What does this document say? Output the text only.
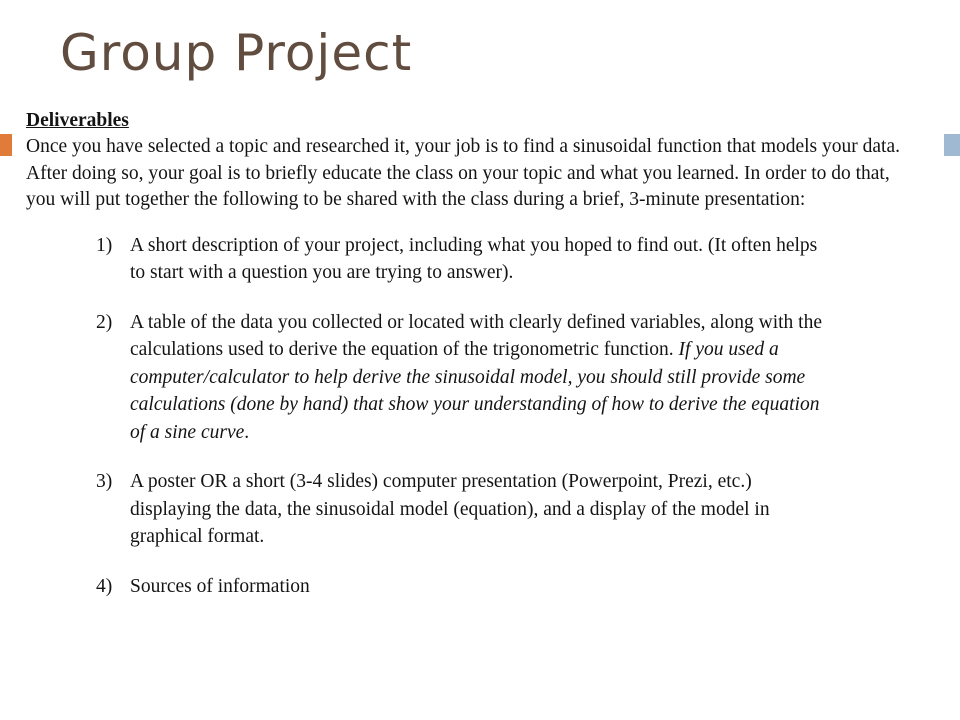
Group Project

Deliverables

Once you have selected a topic and researched it, your job is to find a sinusoidal function that models your data. After doing so, your goal is to briefly educate the class on your topic and what you learned. In order to do that, you will put together the following to be shared with the class during a brief, 3-minute presentation:

1) A short description of your project, including what you hoped to find out. (It often helps to start with a question you are trying to answer).
2) A table of the data you collected or located with clearly defined variables, along with the calculations used to derive the equation of the trigonometric function. If you used a computer/calculator to help derive the sinusoidal model, you should still provide some calculations (done by hand) that show your understanding of how to derive the equation of a sine curve.
3) A poster OR a short (3-4 slides) computer presentation (Powerpoint, Prezi, etc.) displaying the data, the sinusoidal model (equation), and a display of the model in graphical format.
4) Sources of information
